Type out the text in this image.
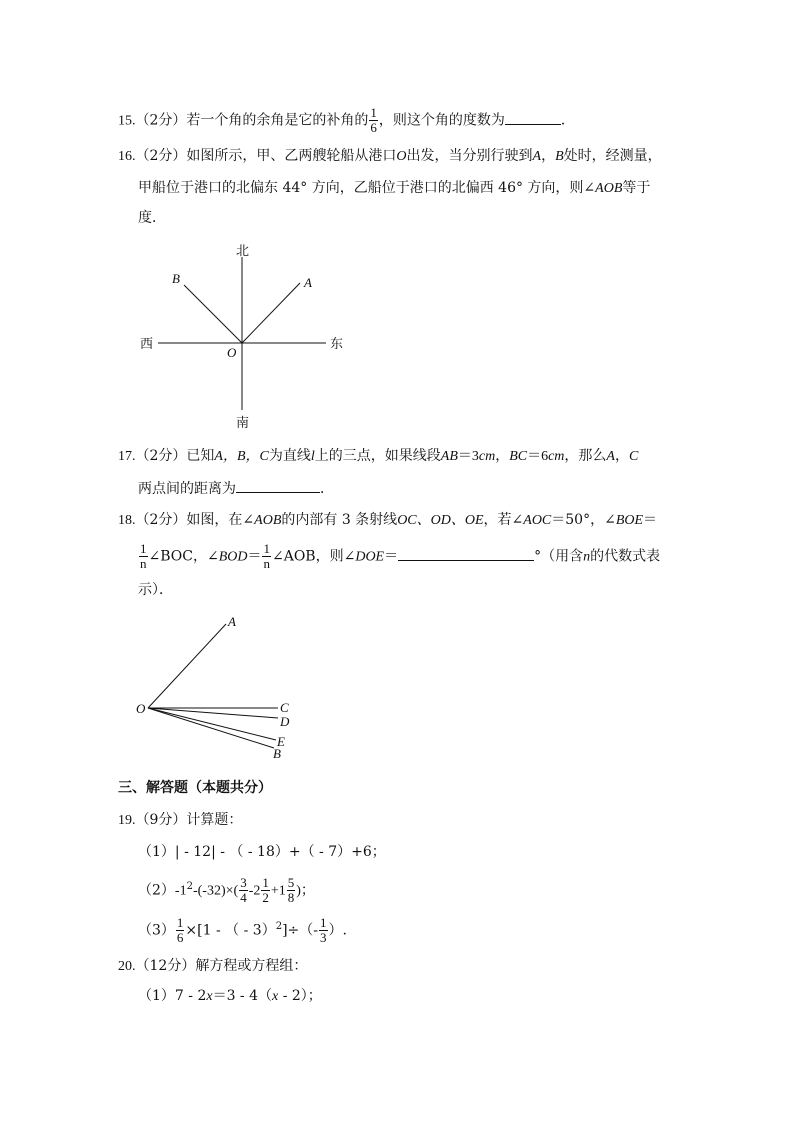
15.（2分）若一个角的余角是它的补角的 $\frac{1}{6}$ ，则这个角的度数为	．
16.（2分）如图所示，甲、乙两艘轮船从港口O出发，当分别行驶到A，B处时，经测量，
甲船位于港口的北偏东 44° 方向，乙船位于港口的北偏西 46° 方向，则∠AOB等于
度．
北
南
西	东
A
B
O
17.（2分）已知A，B，C为直线l上的三点，如果线段AB＝3cm，BC＝6cm，那么A，C
两点间的距离为	．
18.（2分）如图，在∠AOB的内部有 3 条射线OC、OD、OE，若∠AOC＝50°，∠BOE＝
$\frac{1}{n}$ ∠BOC，∠BOD＝ $\frac{1}{n}$ ∠AOB，则∠DOE＝	°（用含n的代数式表
示）．
A
O	C
D
E
B
三、解答题（本题共分）
19.（9分）计算题：
（1）| - 12| - （ - 18）+（ - 7）+6；
$(2)-1^2-(-32)\times( \frac{3}{4} -2 \frac{1}{2} +1 \frac{5}{8}$ )；
$(3) \frac{1}{6} \times[1$ - （ - $3)^2]\div(- \frac{1}{3}$ ）.
20.（12分）解方程或方程组：
（1）7 - 2x＝3 - 4（x - 2）；
